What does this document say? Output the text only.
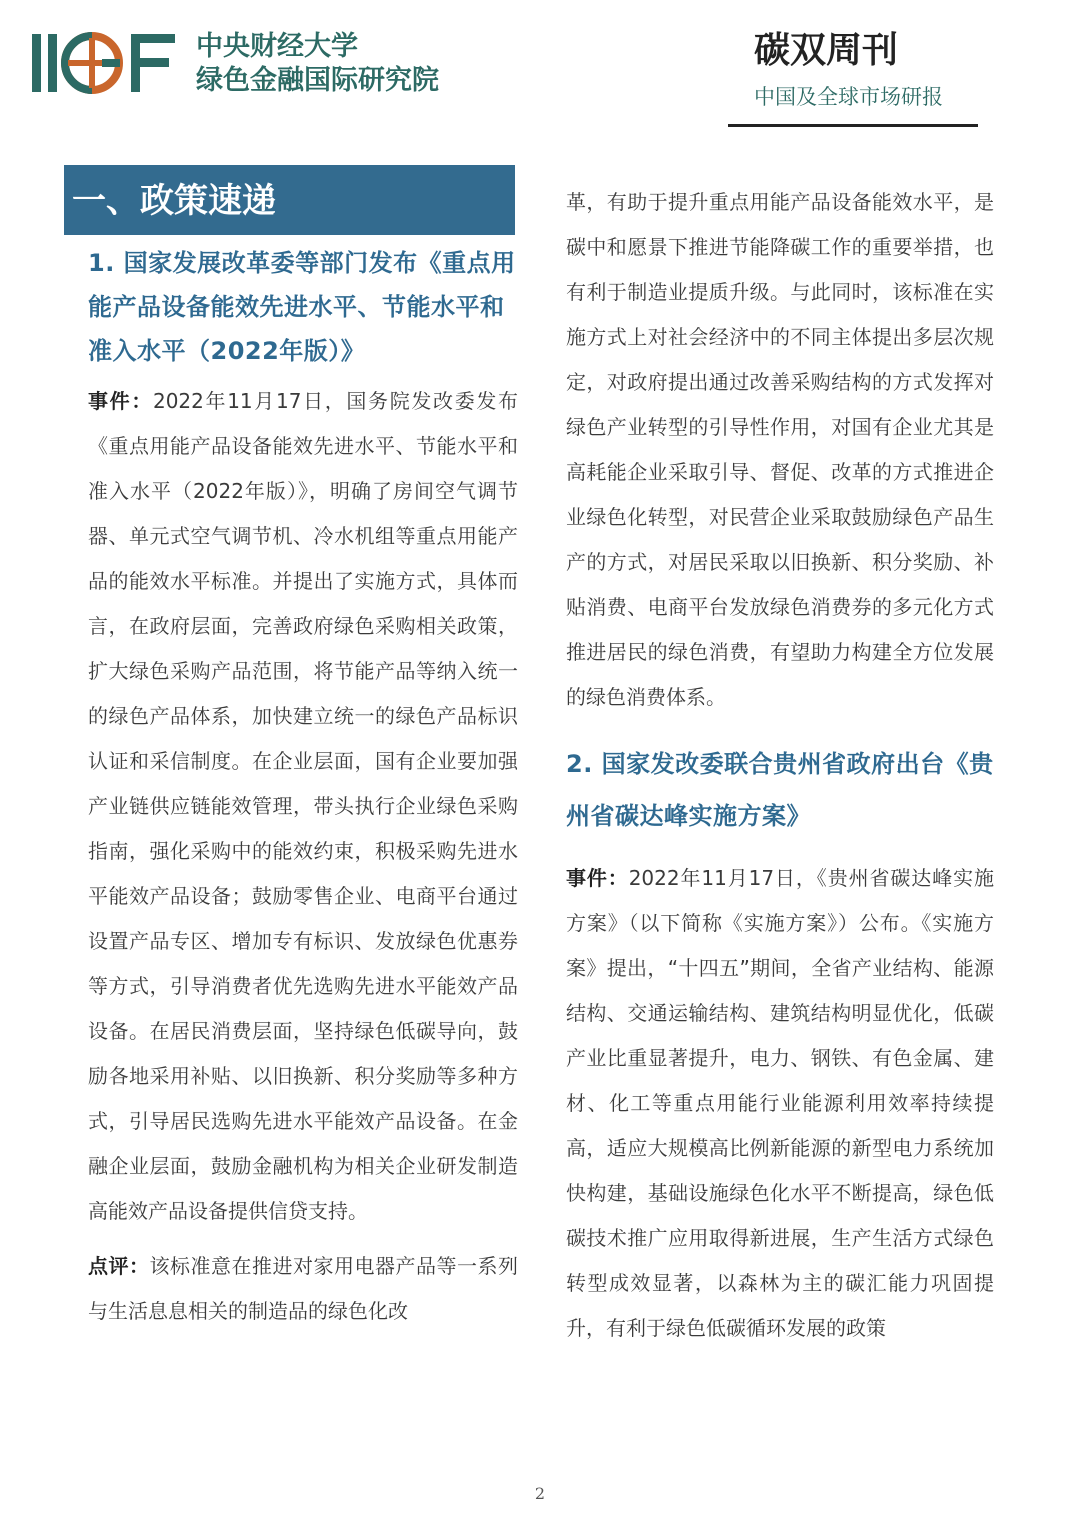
中央财经大学
绿色金融国际研究院
碳双周刊
中国及全球市场研报
一、政策速递
1. 国家发展改革委等部门发布《重点用能产品设备能效先进水平、节能水平和准入水平（2022年版）》
事件：2022年11月17日，国务院发改委发布《重点用能产品设备能效先进水平、节能水平和准入水平（2022年版）》，明确了房间空气调节器、单元式空气调节机、冷水机组等重点用能产品的能效水平标准。并提出了实施方式，具体而言，在政府层面，完善政府绿色采购相关政策，扩大绿色采购产品范围，将节能产品等纳入统一的绿色产品体系，加快建立统一的绿色产品标识认证和采信制度。在企业层面，国有企业要加强产业链供应链能效管理，带头执行企业绿色采购指南，强化采购中的能效约束，积极采购先进水平能效产品设备；鼓励零售企业、电商平台通过设置产品专区、增加专有标识、发放绿色优惠券等方式，引导消费者优先选购先进水平能效产品设备。在居民消费层面，坚持绿色低碳导向，鼓励各地采用补贴、以旧换新、积分奖励等多种方式，引导居民选购先进水平能效产品设备。在金融企业层面，鼓励金融机构为相关企业研发制造高能效产品设备提供信贷支持。
点评：该标准意在推进对家用电器产品等一系列与生活息息相关的制造品的绿色化改
革，有助于提升重点用能产品设备能效水平，是碳中和愿景下推进节能降碳工作的重要举措，也有利于制造业提质升级。与此同时，该标准在实施方式上对社会经济中的不同主体提出多层次规定，对政府提出通过改善采购结构的方式发挥对绿色产业转型的引导性作用，对国有企业尤其是高耗能企业采取引导、督促、改革的方式推进企业绿色化转型，对民营企业采取鼓励绿色产品生产的方式，对居民采取以旧换新、积分奖励、补贴消费、电商平台发放绿色消费券的多元化方式推进居民的绿色消费，有望助力构建全方位发展的绿色消费体系。
2. 国家发改委联合贵州省政府出台《贵州省碳达峰实施方案》
事件：2022年11月17日，《贵州省碳达峰实施方案》（以下简称《实施方案》）公布。《实施方案》提出，“十四五”期间，全省产业结构、能源结构、交通运输结构、建筑结构明显优化，低碳产业比重显著提升，电力、钢铁、有色金属、建材、化工等重点用能行业能源利用效率持续提高，适应大规模高比例新能源的新型电力系统加快构建，基础设施绿色化水平不断提高，绿色低碳技术推广应用取得新进展，生产生活方式绿色转型成效显著，以森林为主的碳汇能力巩固提升，有利于绿色低碳循环发展的政策
2
